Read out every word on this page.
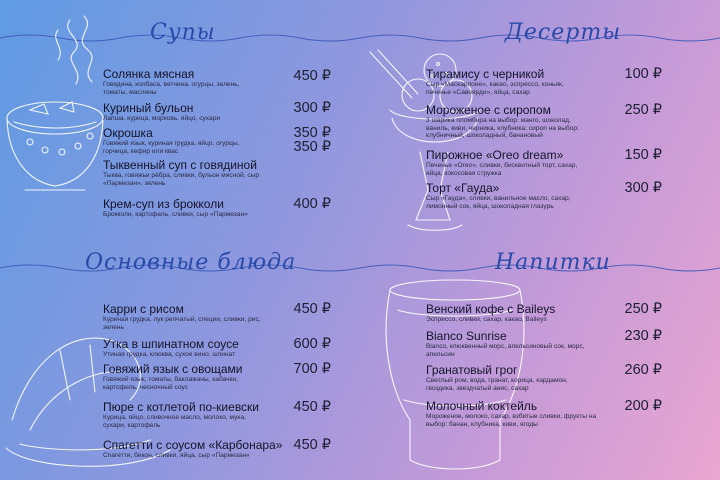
Супы	Десерты
Основные блюда	Напитки
Солянка мясная
Говядина, колбаса, ветчина, огурцы, зелень, томаты, маслины
450 ₽
Куриный бульон
Лапша, курица, морковь, яйцо, сухари
300 ₽
Окрошка
Говяжий язык, куриная грудка, яйцо, огурцы, горчица, кефир или квас
350 ₽
Тыквенный суп с говядиной
Тыква, говяжьи рёбра, сливки, бульон мясной, сыр «Пармезан», зелень
350 ₽
Крем-суп из брокколи
Брокколи, картофель, сливки, сыр «Пармезан»
400 ₽
Тирамису с черникой
Сыр «Маскарпоне», какао, эспрессо, коньяк, печенье «Савоярди», яйца, сахар
100 ₽
Мороженое с сиропом
3 шарика пломбира на выбор: манго, шоколад, ваниль, киви, черника, клубника; сироп на выбор: клубничный, шоколадный, банановый
250 ₽
Пирожное «Oreo dream»
Печенье «Oreo», сливки, бисквитный торт, сахар, яйца, кокосовая стружка
150 ₽
Торт «Гауда»
Сыр «Гауда», сливки, ванильное масло, сахар, лимонный сок, яйца, шоколадная глазурь
300 ₽
Карри с рисом
Куриная грудка, лук репчатый, специи, сливки, рис, зелень
450 ₽
Утка в шпинатном соусе
Утиная грудка, клюква, сухое вино, шпинат
600 ₽
Говяжий язык с овощами
Говяжий язык, томаты, баклажаны, кабачки, картофель, чесночный соус
700 ₽
Пюре с котлетой по-киевски
Курица, яйцо, сливочное масло, молоко, мука, сухари, картофель
450 ₽
Спагетти с соусом «Карбонара»
Спагетти, бекон, сливки, яйца, сыр «Пармезан»
450 ₽
Венский кофе с Baileys
Эспрессо, сливки, сахар, какао, Baileys
250 ₽
Bianco Sunrise
Bianco, клюквенный морс, апельсиновый сок, морс, апельсин
230 ₽
Гранатовый грог
Светлый ром, вода, гранат, корица, кардамон, гвоздика, звездчатый анис, сахар
260 ₽
Молочный коктейль
Мороженое, молоко, сахар, взбитые сливки, фрукты на выбор: банан, клубника, киви, ягоды
200 ₽
